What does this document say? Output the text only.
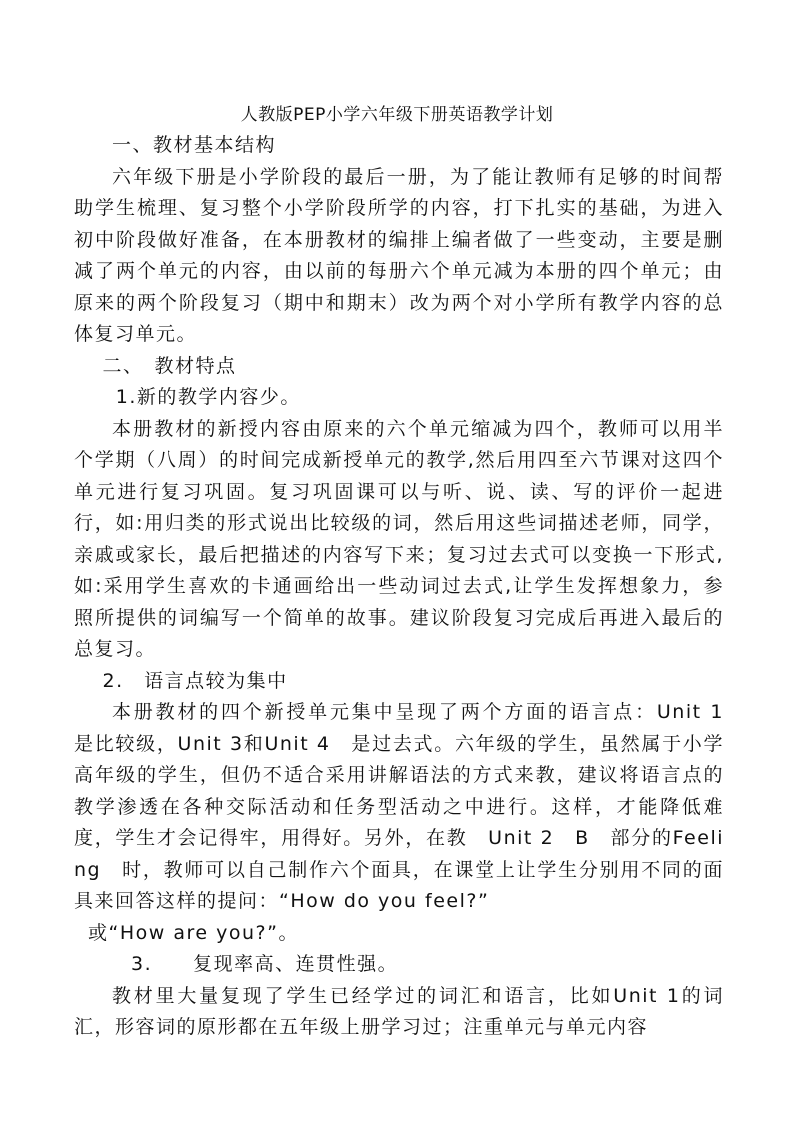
人教版PEP小学六年级下册英语教学计划

一、教材基本结构

六年级下册是小学阶段的最后一册，为了能让教师有足够的时间帮助学生梳理、复习整个小学阶段所学的内容，打下扎实的基础，为进入初中阶段做好准备，在本册教材的编排上编者做了一些变动，主要是删减了两个单元的内容，由以前的每册六个单元减为本册的四个单元；由原来的两个阶段复习（期中和期末）改为两个对小学所有教学内容的总体复习单元。

二、　教材特点

1.新的教学内容少。

本册教材的新授内容由原来的六个单元缩减为四个，教师可以用半个学期（八周）的时间完成新授单元的教学,然后用四至六节课对这四个单元进行复习巩固。复习巩固课可以与听、说、读、写的评价一起进行，如:用归类的形式说出比较级的词，然后用这些词描述老师，同学，亲戚或家长，最后把描述的内容写下来；复习过去式可以变换一下形式,如:采用学生喜欢的卡通画给出一些动词过去式,让学生发挥想象力，参照所提供的词编写一个简单的故事。建议阶段复习完成后再进入最后的总复习。

2.　语言点较为集中

本册教材的四个新授单元集中呈现了两个方面的语言点：Unit 1　是比较级，Unit 3和Unit 4　是过去式。六年级的学生，虽然属于小学高年级的学生，但仍不适合采用讲解语法的方式来教，建议将语言点的教学渗透在各种交际活动和任务型活动之中进行。这样，才能降低难度，学生才会记得牢，用得好。另外，在教　Unit 2　B　部分的Feeling　时，教师可以自己制作六个面具，在课堂上让学生分别用不同的面具来回答这样的提问：“How do you feel?”

或“How are you?”。

3.　　复现率高、连贯性强。

教材里大量复现了学生已经学过的词汇和语言，比如Unit 1的词汇，形容词的原形都在五年级上册学习过；注重单元与单元内容
